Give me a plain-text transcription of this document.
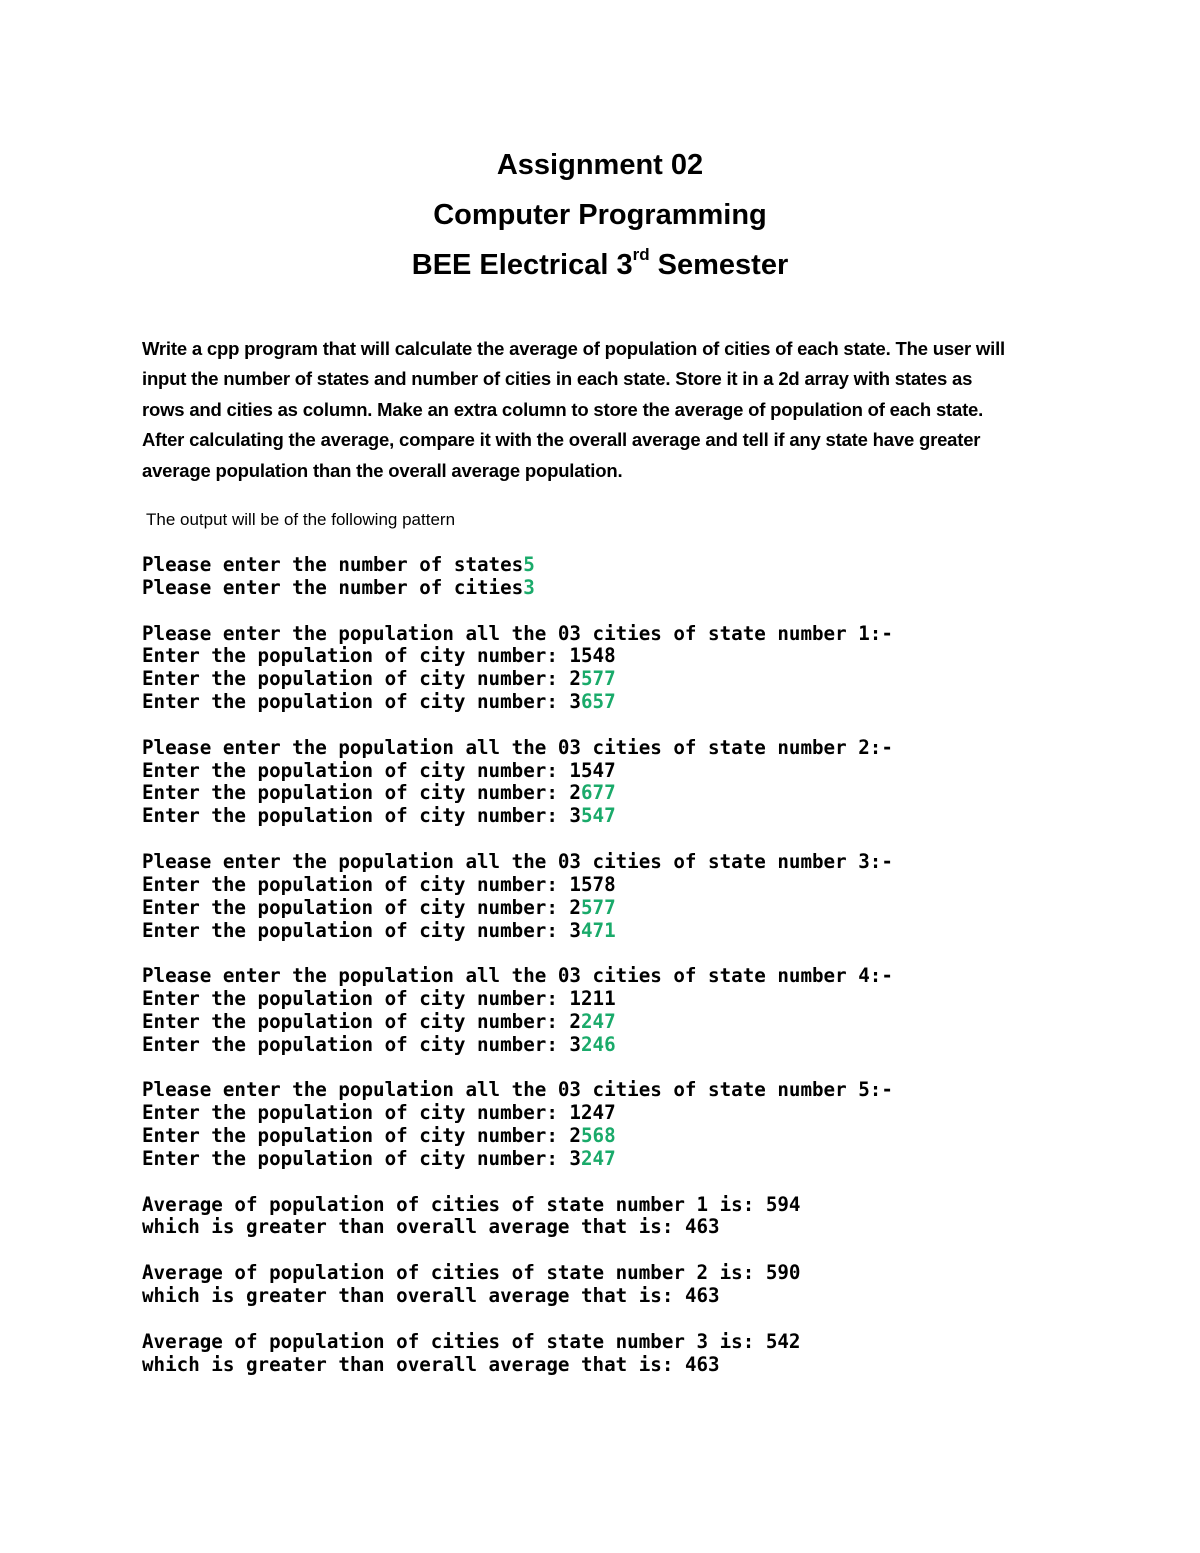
Assignment 02
Computer Programming
BEE Electrical 3rd Semester
Write a cpp program that will calculate the average of population of cities of each state. The user will
input the number of states and number of cities in each state. Store it in a 2d array with states as
rows and cities as column. Make an extra column to store the average of population of each state.
After calculating the average, compare it with the overall average and tell if any state have greater
average population than the overall average population.
The output will be of the following pattern
Please enter the number of states5
Please enter the number of cities3

Please enter the population all the 03 cities of state number 1:-
Enter the population of city number: 1548
Enter the population of city number: 2577
Enter the population of city number: 3657

Please enter the population all the 03 cities of state number 2:-
Enter the population of city number: 1547
Enter the population of city number: 2677
Enter the population of city number: 3547

Please enter the population all the 03 cities of state number 3:-
Enter the population of city number: 1578
Enter the population of city number: 2577
Enter the population of city number: 3471

Please enter the population all the 03 cities of state number 4:-
Enter the population of city number: 1211
Enter the population of city number: 2247
Enter the population of city number: 3246

Please enter the population all the 03 cities of state number 5:-
Enter the population of city number: 1247
Enter the population of city number: 2568
Enter the population of city number: 3247

Average of population of cities of state number 1 is: 594
which is greater than overall average that is: 463

Average of population of cities of state number 2 is: 590
which is greater than overall average that is: 463

Average of population of cities of state number 3 is: 542
which is greater than overall average that is: 463
